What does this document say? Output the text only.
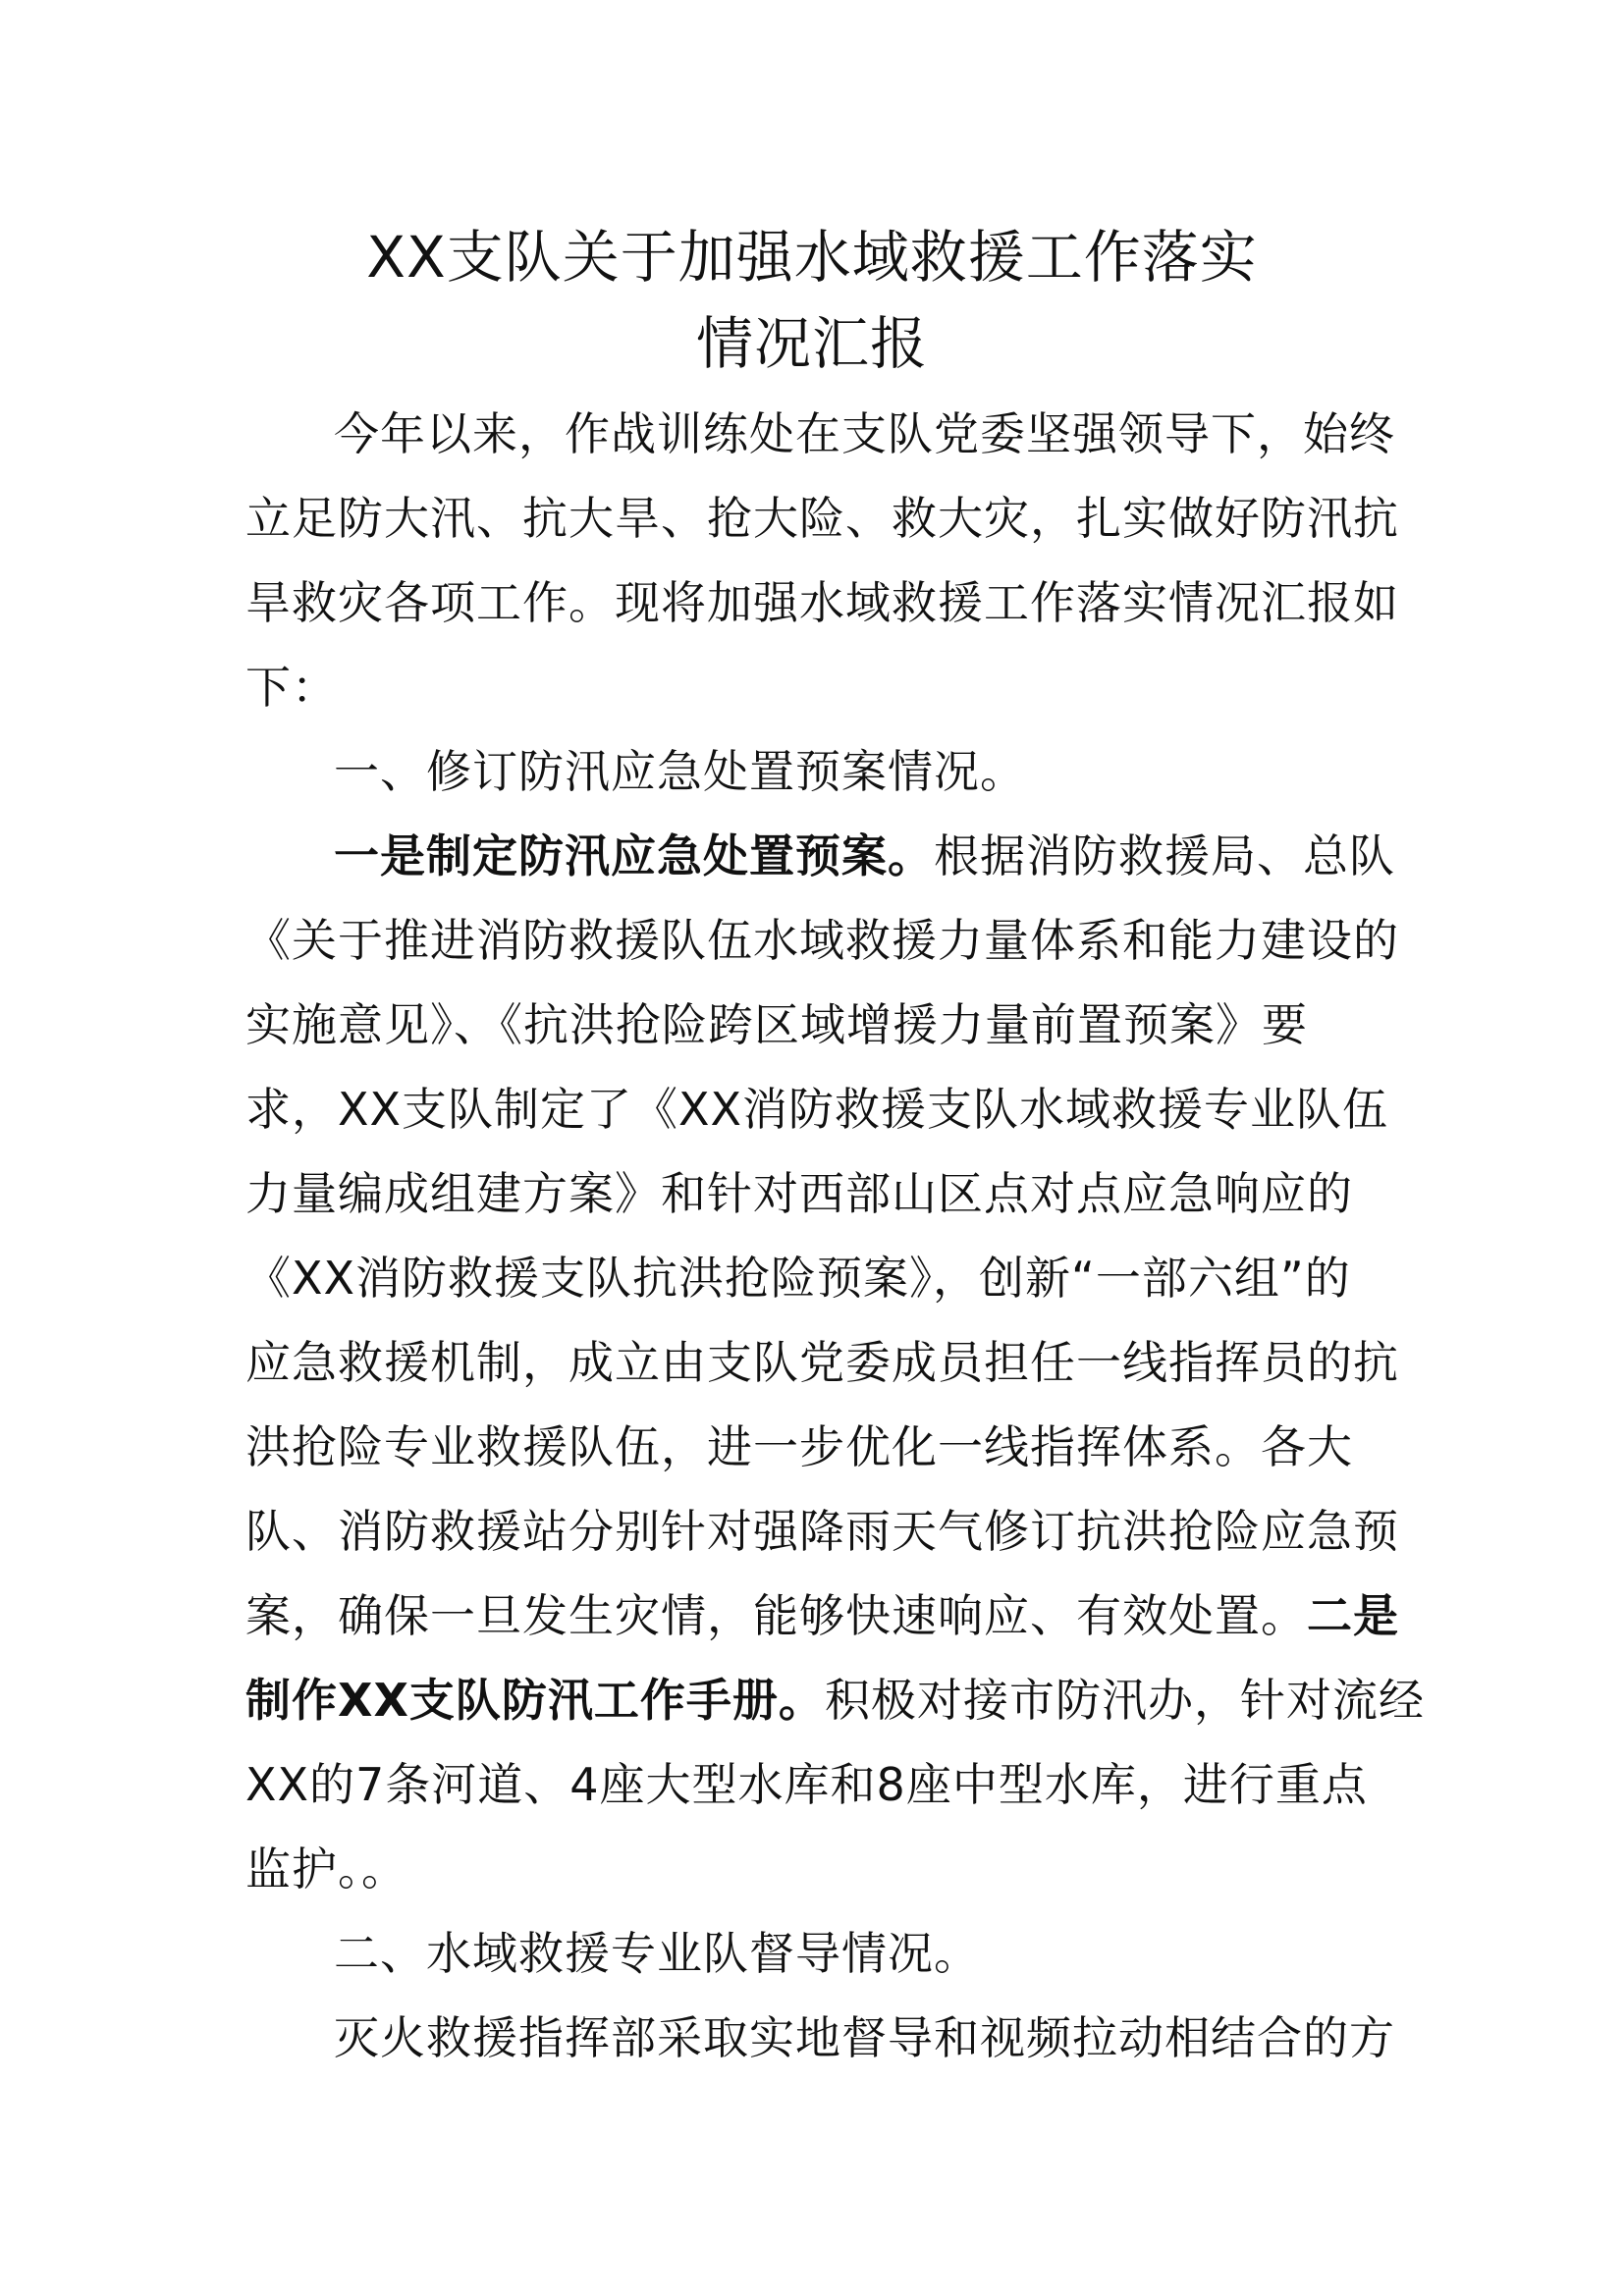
XX支队关于加强水域救援工作落实
情况汇报
今年以来，作战训练处在支队党委坚强领导下，始终
立足防大汛、抗大旱、抢大险、救大灾，扎实做好防汛抗
旱救灾各项工作。现将加强水域救援工作落实情况汇报如
下：
一、修订防汛应急处置预案情况。
一是制定防汛应急处置预案。根据消防救援局、总队
《关于推进消防救援队伍水域救援力量体系和能力建设的
实施意见》、《抗洪抢险跨区域增援力量前置预案》要
求，XX支队制定了《XX消防救援支队水域救援专业队伍
力量编成组建方案》和针对西部山区点对点应急响应的
《XX消防救援支队抗洪抢险预案》，创新“一部六组”的
应急救援机制，成立由支队党委成员担任一线指挥员的抗
洪抢险专业救援队伍，进一步优化一线指挥体系。各大
队、消防救援站分别针对强降雨天气修订抗洪抢险应急预
案，确保一旦发生灾情，能够快速响应、有效处置。二是
制作XX支队防汛工作手册。积极对接市防汛办，针对流经
XX的7条河道、4座大型水库和8座中型水库，进行重点
监护。。
二、水域救援专业队督导情况。
灭火救援指挥部采取实地督导和视频拉动相结合的方
